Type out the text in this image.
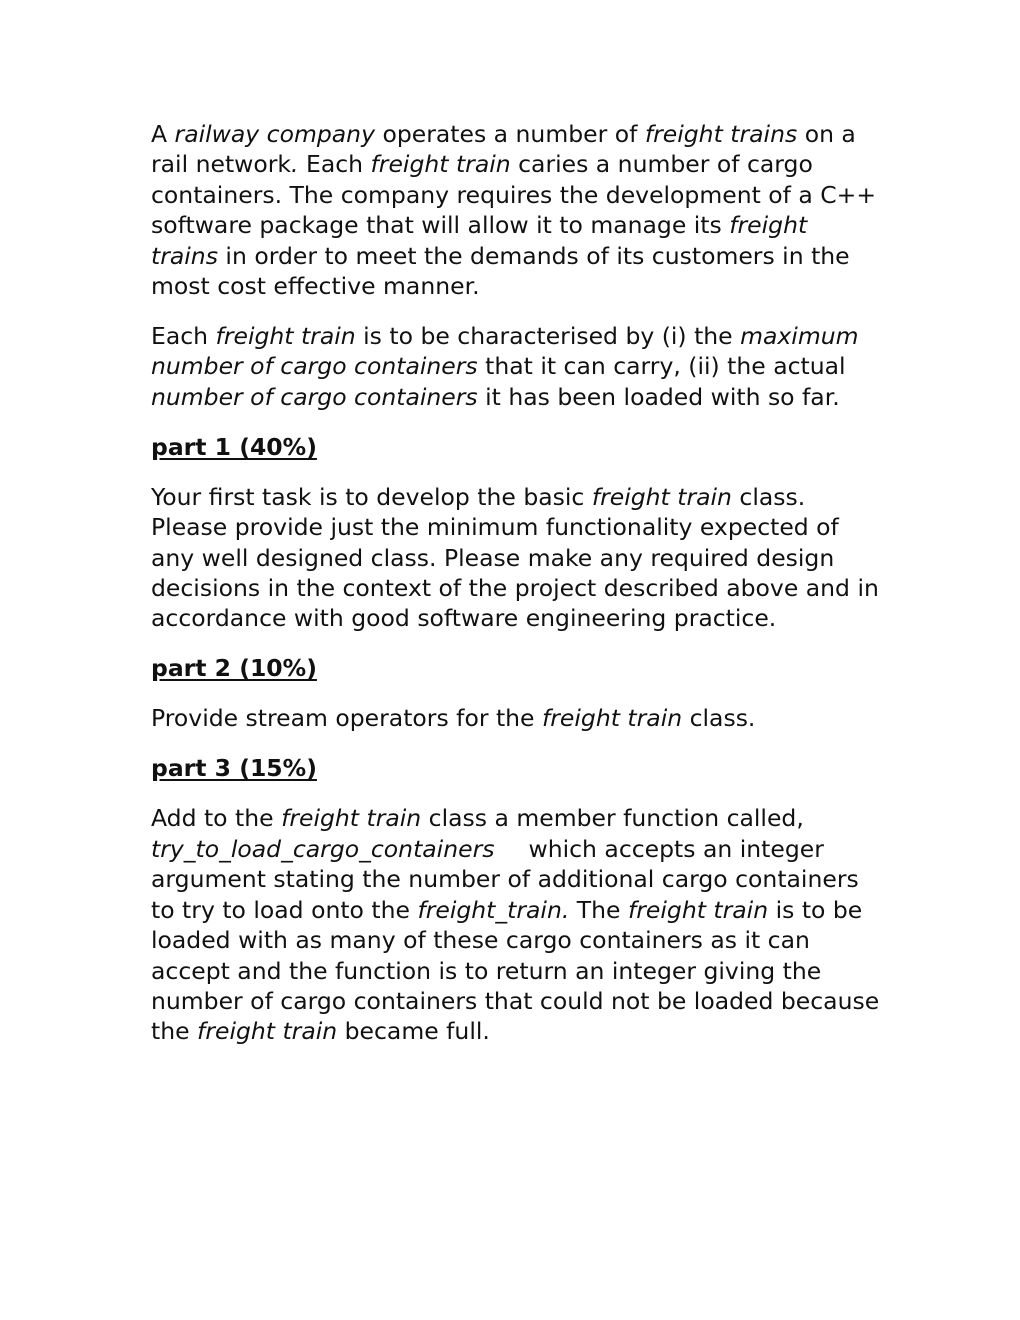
A railway company operates a number of freight trains on a rail network. Each freight train caries a number of cargo containers. The company requires the development of a C++ software package that will allow it to manage its freight trains in order to meet the demands of its customers in the most cost effective manner.

Each freight train is to be characterised by (i) the maximum number of cargo containers that it can carry, (ii) the actual number of cargo containers it has been loaded with so far.

part 1 (40%)

Your first task is to develop the basic freight train class. Please provide just the minimum functionality expected of any well designed class. Please make any required design decisions in the context of the project described above and in accordance with good software engineering practice.

part 2 (10%)

Provide stream operators for the freight train class.

part 3 (15%)

Add to the freight train class a member function called, try_to_load_cargo_containers which accepts an integer argument stating the number of additional cargo containers to try to load onto the freight_train. The freight train is to be loaded with as many of these cargo containers as it can accept and the function is to return an integer giving the number of cargo containers that could not be loaded because the freight train became full.
